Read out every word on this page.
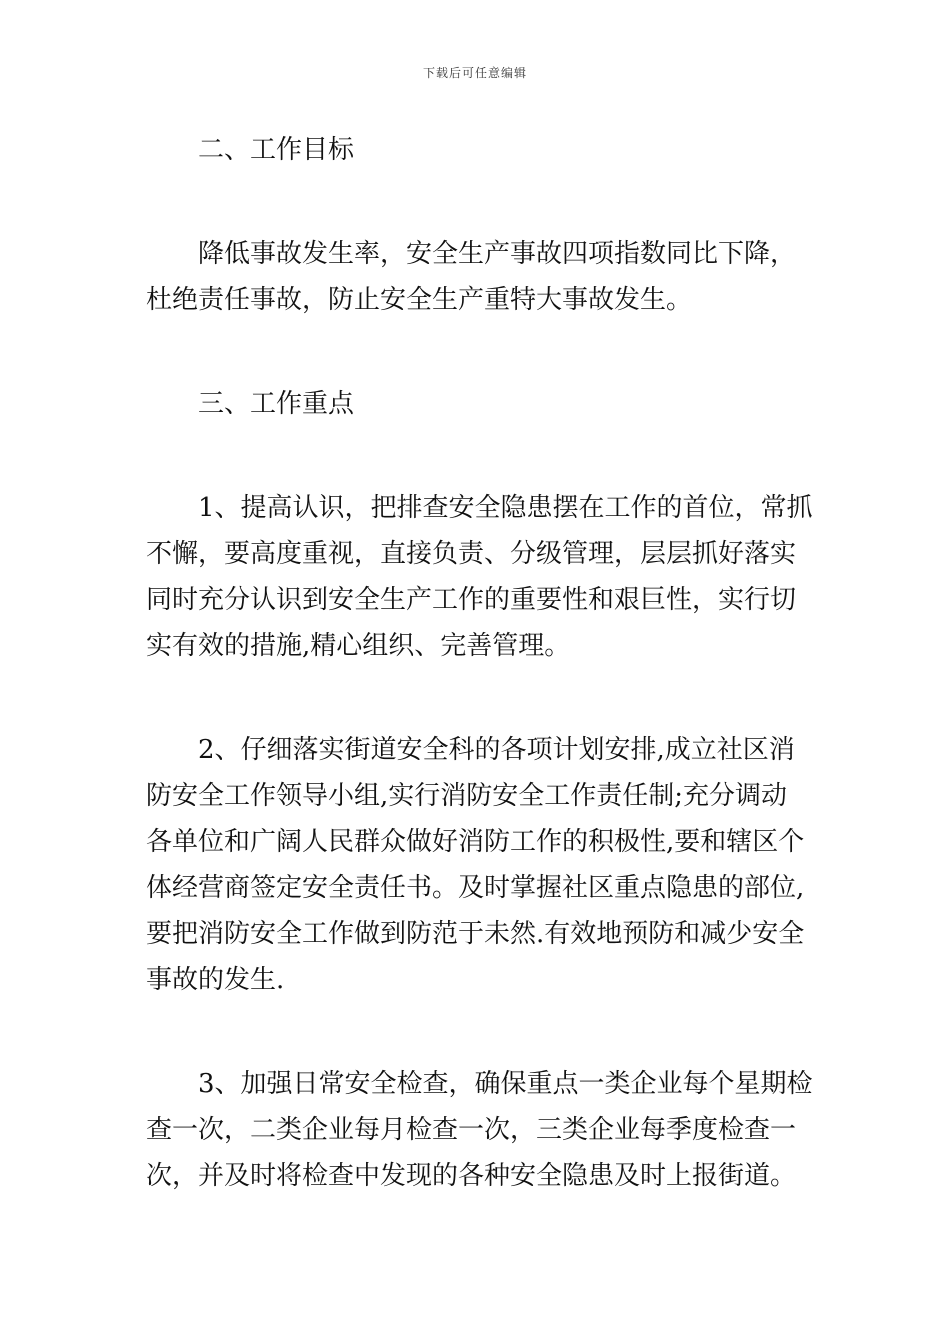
下载后可任意编辑

二、工作目标

降低事故发生率，安全生产事故四项指数同比下降，
杜绝责任事故，防止安全生产重特大事故发生。

三、工作重点

1、提高认识，把排查安全隐患摆在工作的首位，常抓
不懈，要高度重视，直接负责、分级管理，层层抓好落实
同时充分认识到安全生产工作的重要性和艰巨性，实行切
实有效的措施,精心组织、完善管理。

2、仔细落实街道安全科的各项计划安排,成立社区消
防安全工作领导小组,实行消防安全工作责任制;充分调动
各单位和广阔人民群众做好消防工作的积极性,要和辖区个
体经营商签定安全责任书。及时掌握社区重点隐患的部位,
要把消防安全工作做到防范于未然.有效地预防和减少安全
事故的发生.

3、加强日常安全检查，确保重点一类企业每个星期检
查一次，二类企业每月检查一次，三类企业每季度检查一
次，并及时将检查中发现的各种安全隐患及时上报街道。
